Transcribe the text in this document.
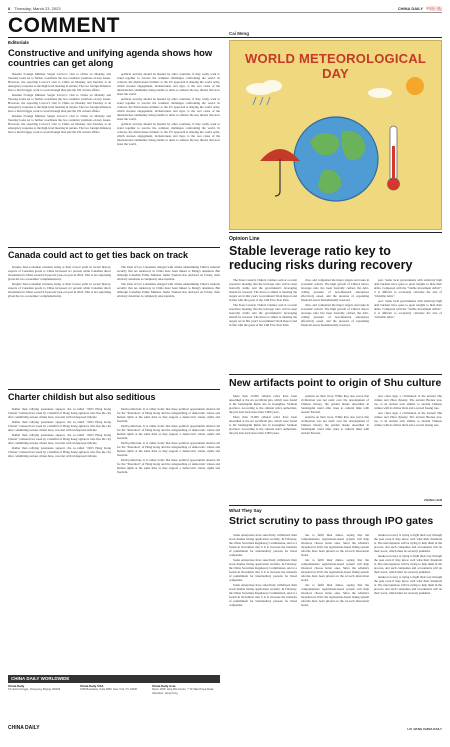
8 Thursday, March 23, 2023	CHINA DAILY 中国日报
COMMENT
Editorials
Constructive and unifying agenda shows how countries can get along

Russian Foreign Minister Sergei Lavrov's visit to China on Monday and Tuesday looks set to further coordinate the two countries' positions on key issues. However, the reporting Lavrov's visit to China on Monday and Tuesday is an emergency response to the high-level meeting in Astana. The two foreign ministers have a much bigger work to work through than just the UN current affairs.

Russian Foreign Minister Sergei Lavrov's visit to China on Monday and Tuesday looks set to further coordinate the two countries' positions on key issues. However, the reporting Lavrov's visit to China on Monday and Tuesday is an emergency response to the high-level meeting in Astana. The two foreign ministers have a much bigger work to work through than just the UN current affairs.

Russian Foreign Minister Sergei Lavrov's visit to China on Monday and Tuesday looks set to further coordinate the two countries' positions on key issues. However, the reporting Lavrov's visit to China on Monday and Tuesday is an emergency response to the high-level meeting in Astana. The two foreign ministers have a much bigger work to work through than just the UN current affairs.

political security should be heeded by other countries, if they really want to stand together to resolve the common challenges confronting the world. In contrast, the divisiveness intrinsic to the US approach is shaping the world order, which stresses engagement, inclusiveness and rigor, is the root cause of the international community being unable to unite to address the key threats that now beset the world.

political security should be heeded by other countries, if they really want to stand together to resolve the common challenges confronting the world. In contrast, the divisiveness intrinsic to the US approach is shaping the world order, which stresses engagement, inclusiveness and rigor, is the root cause of the international community being unable to unite to address the key threats that now beset the world.

political security should be heeded by other countries, if they really want to stand together to resolve the common challenges confronting the world. In contrast, the divisiveness intrinsic to the US approach is shaping the world order, which stresses engagement, inclusiveness and rigor, is the root cause of the international community being unable to unite to address the key threats that now beset the world.

Canada could act to get ties back on track

Despite Sino-Canadian relations being at their lowest point in recent history, exports of Canadian goods to China increased 4.1 percent while Canadian direct investment in China soared 6.6 percent year-on-year in 2022. This is not surprising given the two economies' complementarity.

Despite Sino-Canadian relations being at their lowest point in recent history, exports of Canadian goods to China increased 4.1 percent while Canadian direct investment in China soared 6.6 percent year-on-year in 2022. This is not surprising given the two economies' complementarity.

The trials of two Canadians charged with crimes undermining China's national security that are underway in China have been linked to Meng's detention. But although Canadian Prime Minister Justin Trudeau has declared on Friday, their arbitrary detention is completely unacceptable.

The trials of two Canadians charged with crimes undermining China's national security that are underway in China have been linked to Meng's detention. But although Canadian Prime Minister Justin Trudeau has declared on Friday, their arbitrary detention is completely unacceptable.

Charter childish but also seditious

Rather than rallying passionate support, the so-called "2023 Hong Kong Charter" released last week by a handful of Hong Kong agitators who flee the city after committing serious crimes here, was met with widespread ridicule.

Rather than rallying passionate support, the so-called "2023 Hong Kong Charter" released last week by a handful of Hong Kong agitators who flee the city after committing serious crimes here, was met with widespread ridicule.

Rather than rallying passionate support, the so-called "2023 Hong Kong Charter" released last week by a handful of Hong Kong agitators who flee the city after committing serious crimes here, was met with widespread ridicule.

Rather than rallying passionate support, the so-called "2023 Hong Kong Charter" released last week by a handful of Hong Kong agitators who flee the city after committing serious crimes here, was met with widespread ridicule.

Perth politicians. It is rather ironic that these political opportunists should call for the "liberation" of Hong Kong and the safeguarding of democratic values and human rights at the same time as they support a democratic vision, rights and freedom.

Perth politicians. It is rather ironic that these political opportunists should call for the "liberation" of Hong Kong and the safeguarding of democratic values and human rights at the same time as they support a democratic vision, rights and freedom.

Perth politicians. It is rather ironic that these political opportunists should call for the "liberation" of Hong Kong and the safeguarding of democratic values and human rights at the same time as they support a democratic vision, rights and freedom.

Perth politicians. It is rather ironic that these political opportunists should call for the "liberation" of Hong Kong and the safeguarding of democratic values and human rights at the same time as they support a democratic vision, rights and freedom.

CHINA DAILY WORLDWIDE
China Daily
15 Huixin Dongjie, Chaoyang, Beijing 100029
China Daily USA
1500 Broadway, Suite 2800, New York, NY 10036
China Daily Asia
Room 1818, Hing Wai Centre, 7 Tin Wan Praya Road, Aberdeen, Hong Kong
CHINA DAILY
Cai Meng
WORLD METEOROLOGICAL DAY
Opinion Line
Stable leverage ratio key to reducing risks during recovery

The State Council, China's Cabinet, said at a recent executive meeting that the leverage ratio will be kept basically stable and the government's leveraging should be lowered. The move is aimed at meeting the targets set in this year's Government Work Report and in line with the goals of the 14th Five-Year Plan.

The State Council, China's Cabinet, said at a recent executive meeting that the leverage ratio will be kept basically stable and the government's leveraging should be lowered. The move is aimed at meeting the targets set in this year's Government Work Report and in line with the goals of the 14th Five-Year Plan.

ciles, and completed the major targets and tasks in economic reform. The high growth of China's macro leverage ratio has been basically curbed, the debt-ceiling pressure of non-financial enterprises effectively eased, and the pressure of expanding financial assets fundamentally reversed.

ciles, and completed the major targets and tasks in economic reform. The high growth of China's macro leverage ratio has been basically curbed, the debt-ceiling pressure of non-financial enterprises effectively eased, and the pressure of expanding financial assets fundamentally reversed.

pact. Some local governments with relatively high debt burdens have gone to great lengths to hide their debts. Compared with the "visible investment deficit", it is difficult to accurately calculate the size of "invisible debts".

pact. Some local governments with relatively high debt burdens have gone to great lengths to hide their debts. Compared with the "visible investment deficit", it is difficult to accurately calculate the size of "invisible debts".

New artifacts point to origin of Shu culture

More than 13,000 cultural relics have been unearthed at the six sacrificial pits, which were found at the Sanxingdui Ruins site in Guanghan, Sichuan province. According to the cultural relics authorities, the pits date back more than 3,000 years.

More than 13,000 cultural relics have been unearthed at the six sacrificial pits, which were found at the Sanxingdui Ruins site in Guanghan, Sichuan province. According to the cultural relics authorities, the pits date back more than 3,000 years.

patterns on their ivory. While they also prove that civilization was not static over the development of Chinese history, the golden masks unearthed in Sanxingdui could offer clues to cultural links with ancient Eurasia.

patterns on their ivory. While they also prove that civilization was not static over the development of Chinese history, the golden masks unearthed in Sanxingdui could offer clues to cultural links with ancient Eurasia.

new clues sign, a civilization of the ancient Shu culture and Zhou dynasty. The ancient Bronze tree, too, is an ancient relic similar to ancient Chinese culture with its divine birds and a sacred fusang tree.

new clues sign, a civilization of the ancient Shu culture and Zhou dynasty. The ancient Bronze tree, too, is an ancient relic similar to ancient Chinese culture with its divine birds and a sacred fusang tree.

ZHANG HAN
What They Say
Strict scrutiny to pass through IPO gates

Some enterprises have selectively withdrawn their stock market listing application recently. In February, the China Securities Regulatory Commission, said at a forum in November that it is to increase the intensity of punishment for intermediary persons for listed companies.

Some enterprises have selectively withdrawn their stock market listing application recently. In February, the China Securities Regulatory Commission, said at a forum in November that it is to increase the intensity of punishment for intermediary persons for listed companies.

Some enterprises have selectively withdrawn their stock market listing application recently. In February, the China Securities Regulatory Commission, said at a forum in November that it is to increase the intensity of punishment for intermediary persons for listed companies.

ties to fulfil their duties, saying that the comprehensive registration-based system will help investors choose better ones. Since the scheme's inception in 2019, the registration-based listing system reforms have been piloted on the sci-tech innovation board.

ties to fulfil their duties, saying that the comprehensive registration-based system will help investors choose better ones. Since the scheme's inception in 2019, the registration-based listing system reforms have been piloted on the sci-tech innovation board.

ties to fulfil their duties, saying that the comprehensive registration-based system will help investors choose better ones. Since the scheme's inception in 2019, the registration-based listing system reforms have been piloted on the sci-tech innovation board.

market recovery is trying to fight their way through the pass even if they know well what their threshold is. The unscrupulous will be trying to help them in the process, and such companies and accountants will do their worst, which must be severely punished.

market recovery is trying to fight their way through the pass even if they know well what their threshold is. The unscrupulous will be trying to help them in the process, and such companies and accountants will do their worst, which must be severely punished.

market recovery is trying to fight their way through the pass even if they know well what their threshold is. The unscrupulous will be trying to help them in the process, and such companies and accountants will do their worst, which must be severely punished.

LIU JIANG CHINA DAILY
